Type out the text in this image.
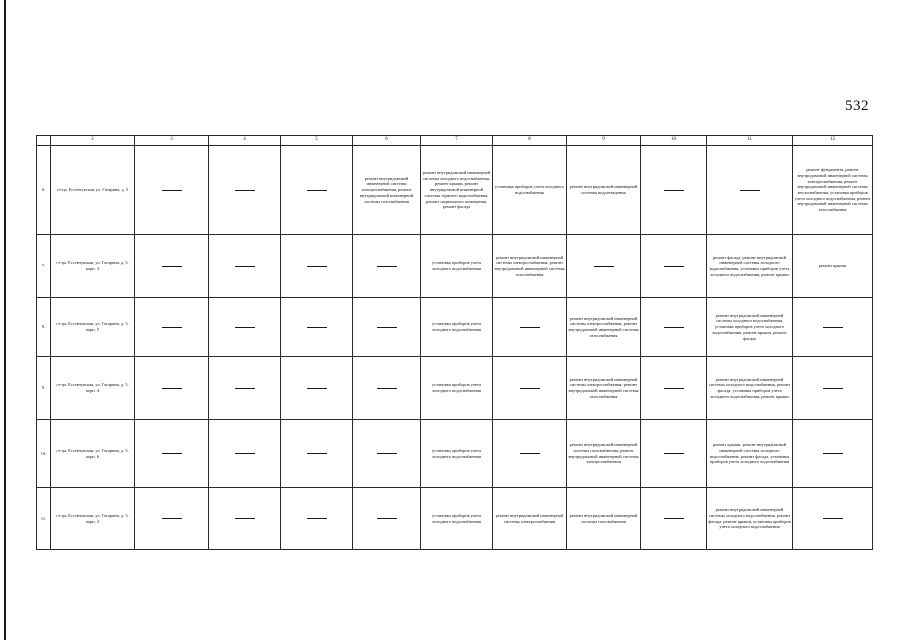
532
	2	3	4	5	6	7	8	9	10	11	12
6.	ст-ца. Ессентукская, ул. Гагарина, д. 5				ремонт внутридомовой инженерной системы электроснабжения, ремонт внутридомовой инженерной системы газоснабжения	ремонт внутридомовой инженерной системы холодного водоснабжения, ремонт крыши, ремонт внутридомовой инженерной системы горячего водоснабжения, ремонт подвального помещения, ремонт фасада	установка приборов учета холодного водоснабжения	ремонт внутридомовой инженерной системы водоотведения			ремонт фундамента, ремонт внутридомовой инженерной системы электроснабжения, ремонт внутридомовой инженерной системы теплоснабжения, установка приборов учета холодного водоснабжения, ремонт внутридомовой инженерной системы газоснабжения
7.	ст-ца. Ессентукская, ул. Гагарина, д. 5, корп. 3					установка приборов учета холодного водоснабжения	ремонт внутридомовой инженерной системы электроснабжения, ремонт внутридомовой инженерной системы газоснабжения			ремонт фасада, ремонт внутридомовой инженерной системы холодного водоснабжения, установка приборов учета холодного водоснабжения, ремонт крыши	ремонт крыши
8.	ст-ца. Ессентукская, ул. Гагарина, д. 5, корп. 5					установка приборов учета холодного водоснабжения		ремонт внутридомовой инженерной системы электроснабжения, ремонт внутридомовой инженерной системы газоснабжения		ремонт внутридомовой инженерной системы холодного водоснабжения, установка приборов учета холодного водоснабжения, ремонт крыши, ремонт фасада	
9.	ст-ца. Ессентукская, ул. Гагарина, д. 5, корп. 4					установка приборов учета холодного водоснабжения		ремонт внутридомовой инженерной системы электроснабжения, ремонт внутридомовой инженерной системы газоснабжения		ремонт внутридомовой инженерной системы холодного водоснабжения, ремонт фасада, установка приборов учета холодного водоснабжения, ремонт крыши	
10.	ст-ца. Ессентукская, ул. Гагарина, д. 5, корп. 6					установка приборов учета холодного водоснабжения		ремонт внутридомовой инженерной системы газоснабжения, ремонт внутридомовой инженерной системы электроснабжения		ремонт крыши, ремонт внутридомовой инженерной системы холодного водоснабжения, ремонт фасада, установка приборов учета холодного водоснабжения	
11.	ст-ца. Ессентукская, ул. Гагарина, д. 5, корп. 2					установка приборов учета холодного водоснабжения	ремонт внутридомовой инженерной системы электроснабжения	ремонт внутридомовой инженерной системы газоснабжения		ремонт внутридомовой инженерной системы холодного водоснабжения, ремонт фасада, ремонт крыши, установка приборов учета холодного водоснабжения	
